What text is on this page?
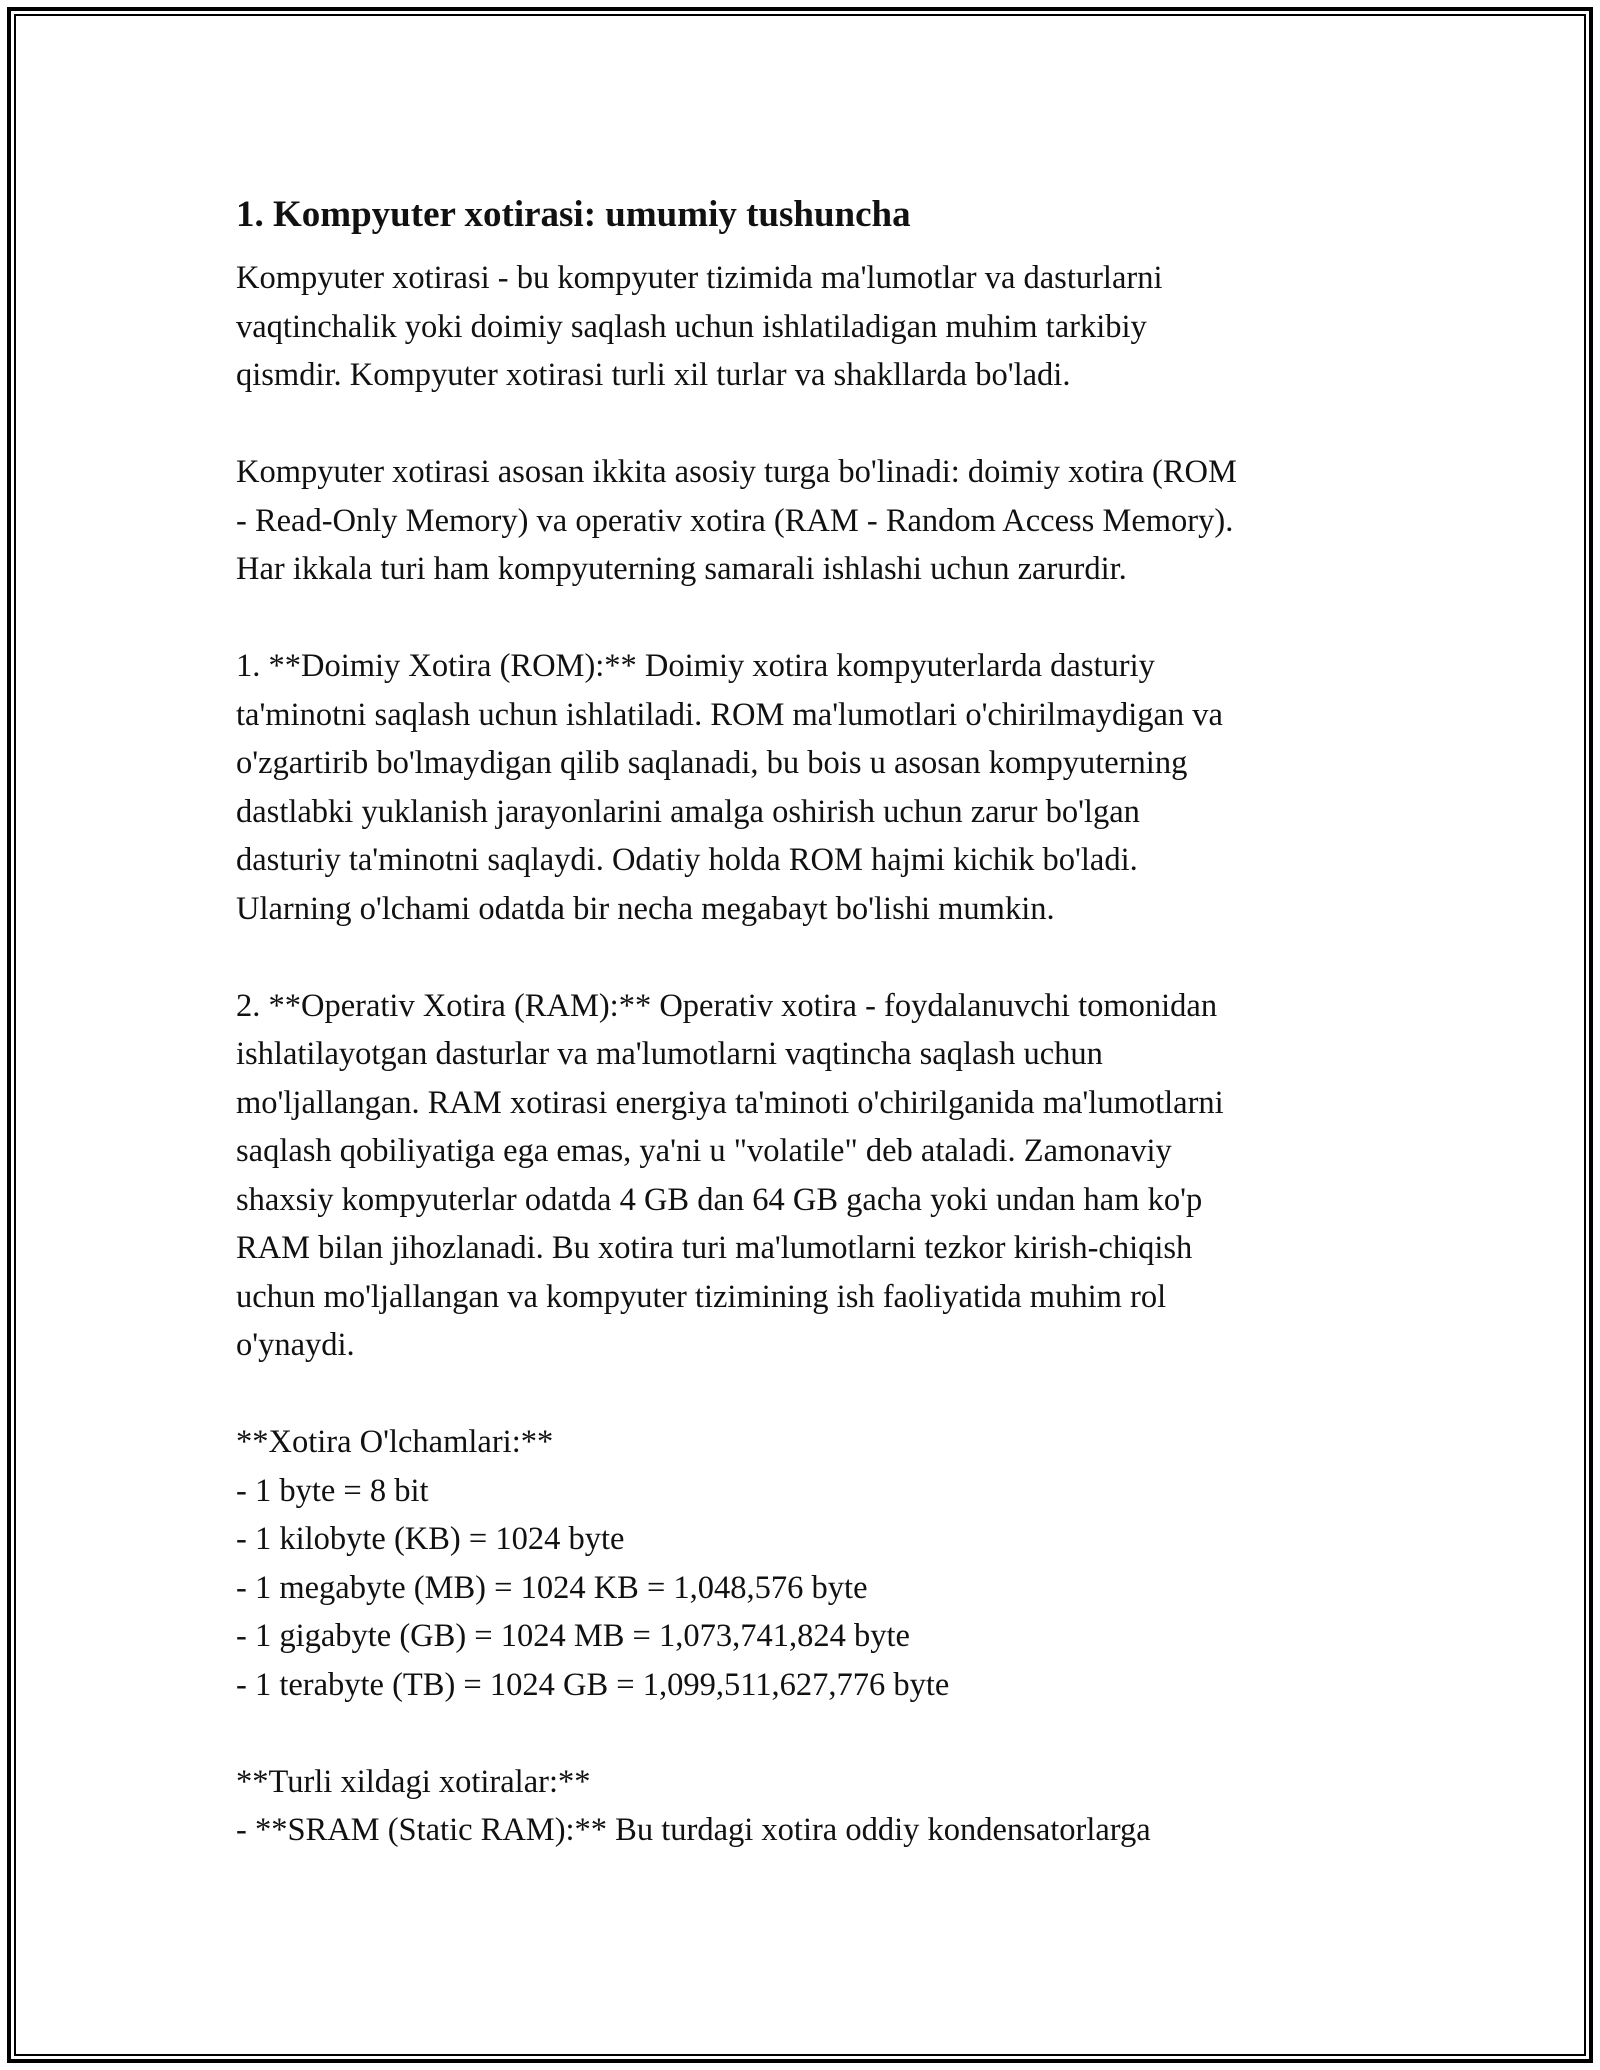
1. Kompyuter xotirasi: umumiy tushuncha

Kompyuter xotirasi - bu kompyuter tizimida ma'lumotlar va dasturlarni
vaqtinchalik yoki doimiy saqlash uchun ishlatiladigan muhim tarkibiy
qismdir. Kompyuter xotirasi turli xil turlar va shakllarda bo'ladi.

Kompyuter xotirasi asosan ikkita asosiy turga bo'linadi: doimiy xotira (ROM
- Read-Only Memory) va operativ xotira (RAM - Random Access Memory).
Har ikkala turi ham kompyuterning samarali ishlashi uchun zarurdir.

1. **Doimiy Xotira (ROM):** Doimiy xotira kompyuterlarda dasturiy
ta'minotni saqlash uchun ishlatiladi. ROM ma'lumotlari o'chirilmaydigan va
o'zgartirib bo'lmaydigan qilib saqlanadi, bu bois u asosan kompyuterning
dastlabki yuklanish jarayonlarini amalga oshirish uchun zarur bo'lgan
dasturiy ta'minotni saqlaydi. Odatiy holda ROM hajmi kichik bo'ladi.
Ularning o'lchami odatda bir necha megabayt bo'lishi mumkin.

2. **Operativ Xotira (RAM):** Operativ xotira - foydalanuvchi tomonidan
ishlatilayotgan dasturlar va ma'lumotlarni vaqtincha saqlash uchun
mo'ljallangan. RAM xotirasi energiya ta'minoti o'chirilganida ma'lumotlarni
saqlash qobiliyatiga ega emas, ya'ni u "volatile" deb ataladi. Zamonaviy
shaxsiy kompyuterlar odatda 4 GB dan 64 GB gacha yoki undan ham ko'p
RAM bilan jihozlanadi. Bu xotira turi ma'lumotlarni tezkor kirish-chiqish
uchun mo'ljallangan va kompyuter tizimining ish faoliyatida muhim rol
o'ynaydi.

**Xotira O'lchamlari:**
- 1 byte = 8 bit
- 1 kilobyte (KB) = 1024 byte
- 1 megabyte (MB) = 1024 KB = 1,048,576 byte
- 1 gigabyte (GB) = 1024 MB = 1,073,741,824 byte
- 1 terabyte (TB) = 1024 GB = 1,099,511,627,776 byte

**Turli xildagi xotiralar:**
- **SRAM (Static RAM):** Bu turdagi xotira oddiy kondensatorlarga
